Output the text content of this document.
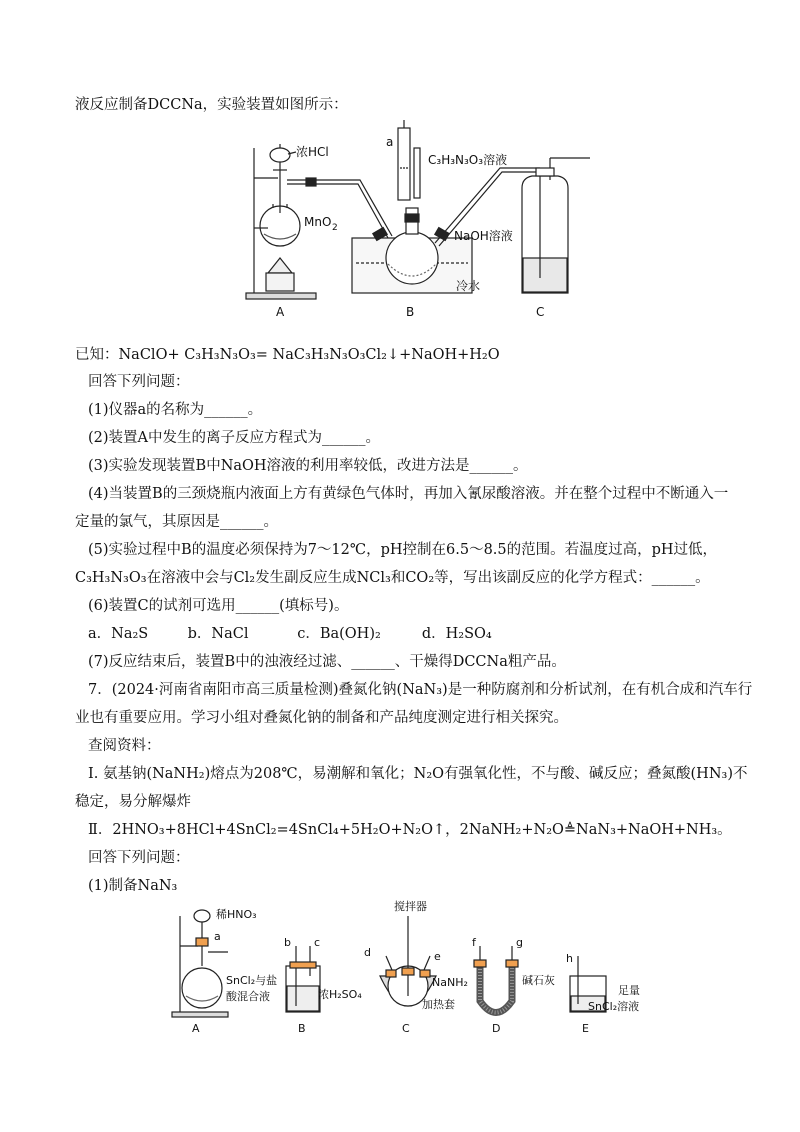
液反应制备DCCNa，实验装置如图所示：
浓HCl
MnO 2
a
C₃H₃N₃O₃溶液
NaOH溶液
冷水
A	B	C
已知：NaClO+ C₃H₃N₃O₃= NaC₃H₃N₃O₃Cl₂↓+NaOH+H₂O
回答下列问题：
(1)仪器a的名称为______。
(2)装置A中发生的离子反应方程式为______。
(3)实验发现装置B中NaOH溶液的利用率较低，改进方法是______。
(4)当装置B的三颈烧瓶内液面上方有黄绿色气体时，再加入氰尿酸溶液。并在整个过程中不断通入一
定量的氯气，其原因是______。
(5)实验过程中B的温度必须保持为7～12℃，pH控制在6.5～8.5的范围。若温度过高，pH过低，
C₃H₃N₃O₃在溶液中会与Cl₂发生副反应生成NCl₃和CO₂等，写出该副反应的化学方程式：______。
(6)装置C的试剂可选用______(填标号)。
a．Na₂S	b．NaCl	c．Ba(OH)₂	d．H₂SO₄
(7)反应结束后，装置B中的浊液经过滤、______、干燥得DCCNa粗产品。
7．(2024·河南省南阳市高三质量检测)叠氮化钠(NaN₃)是一种防腐剂和分析试剂，在有机合成和汽车行
业也有重要应用。学习小组对叠氮化钠的制备和产品纯度测定进行相关探究。
查阅资料：
Ⅰ. 氨基钠(NaNH₂)熔点为208℃，易潮解和氧化；N₂O有强氧化性，不与酸、碱反应；叠氮酸(HN₃)不
稳定，易分解爆炸
Ⅱ．2HNO₃+8HCl+4SnCl₂=4SnCl₄+5H₂O+N₂O↑，2NaNH₂+N₂O≜NaN₃+NaOH+NH₃。
回答下列问题：
(1)制备NaN₃
稀HNO₃
a
SnCl₂与盐
酸混合液
b c
浓H₂SO₄
搅拌器
d	e
NaNH₂
加热套
f	g
碱石灰
h
足量
SnCl₂溶液
A	B	C	D	E
